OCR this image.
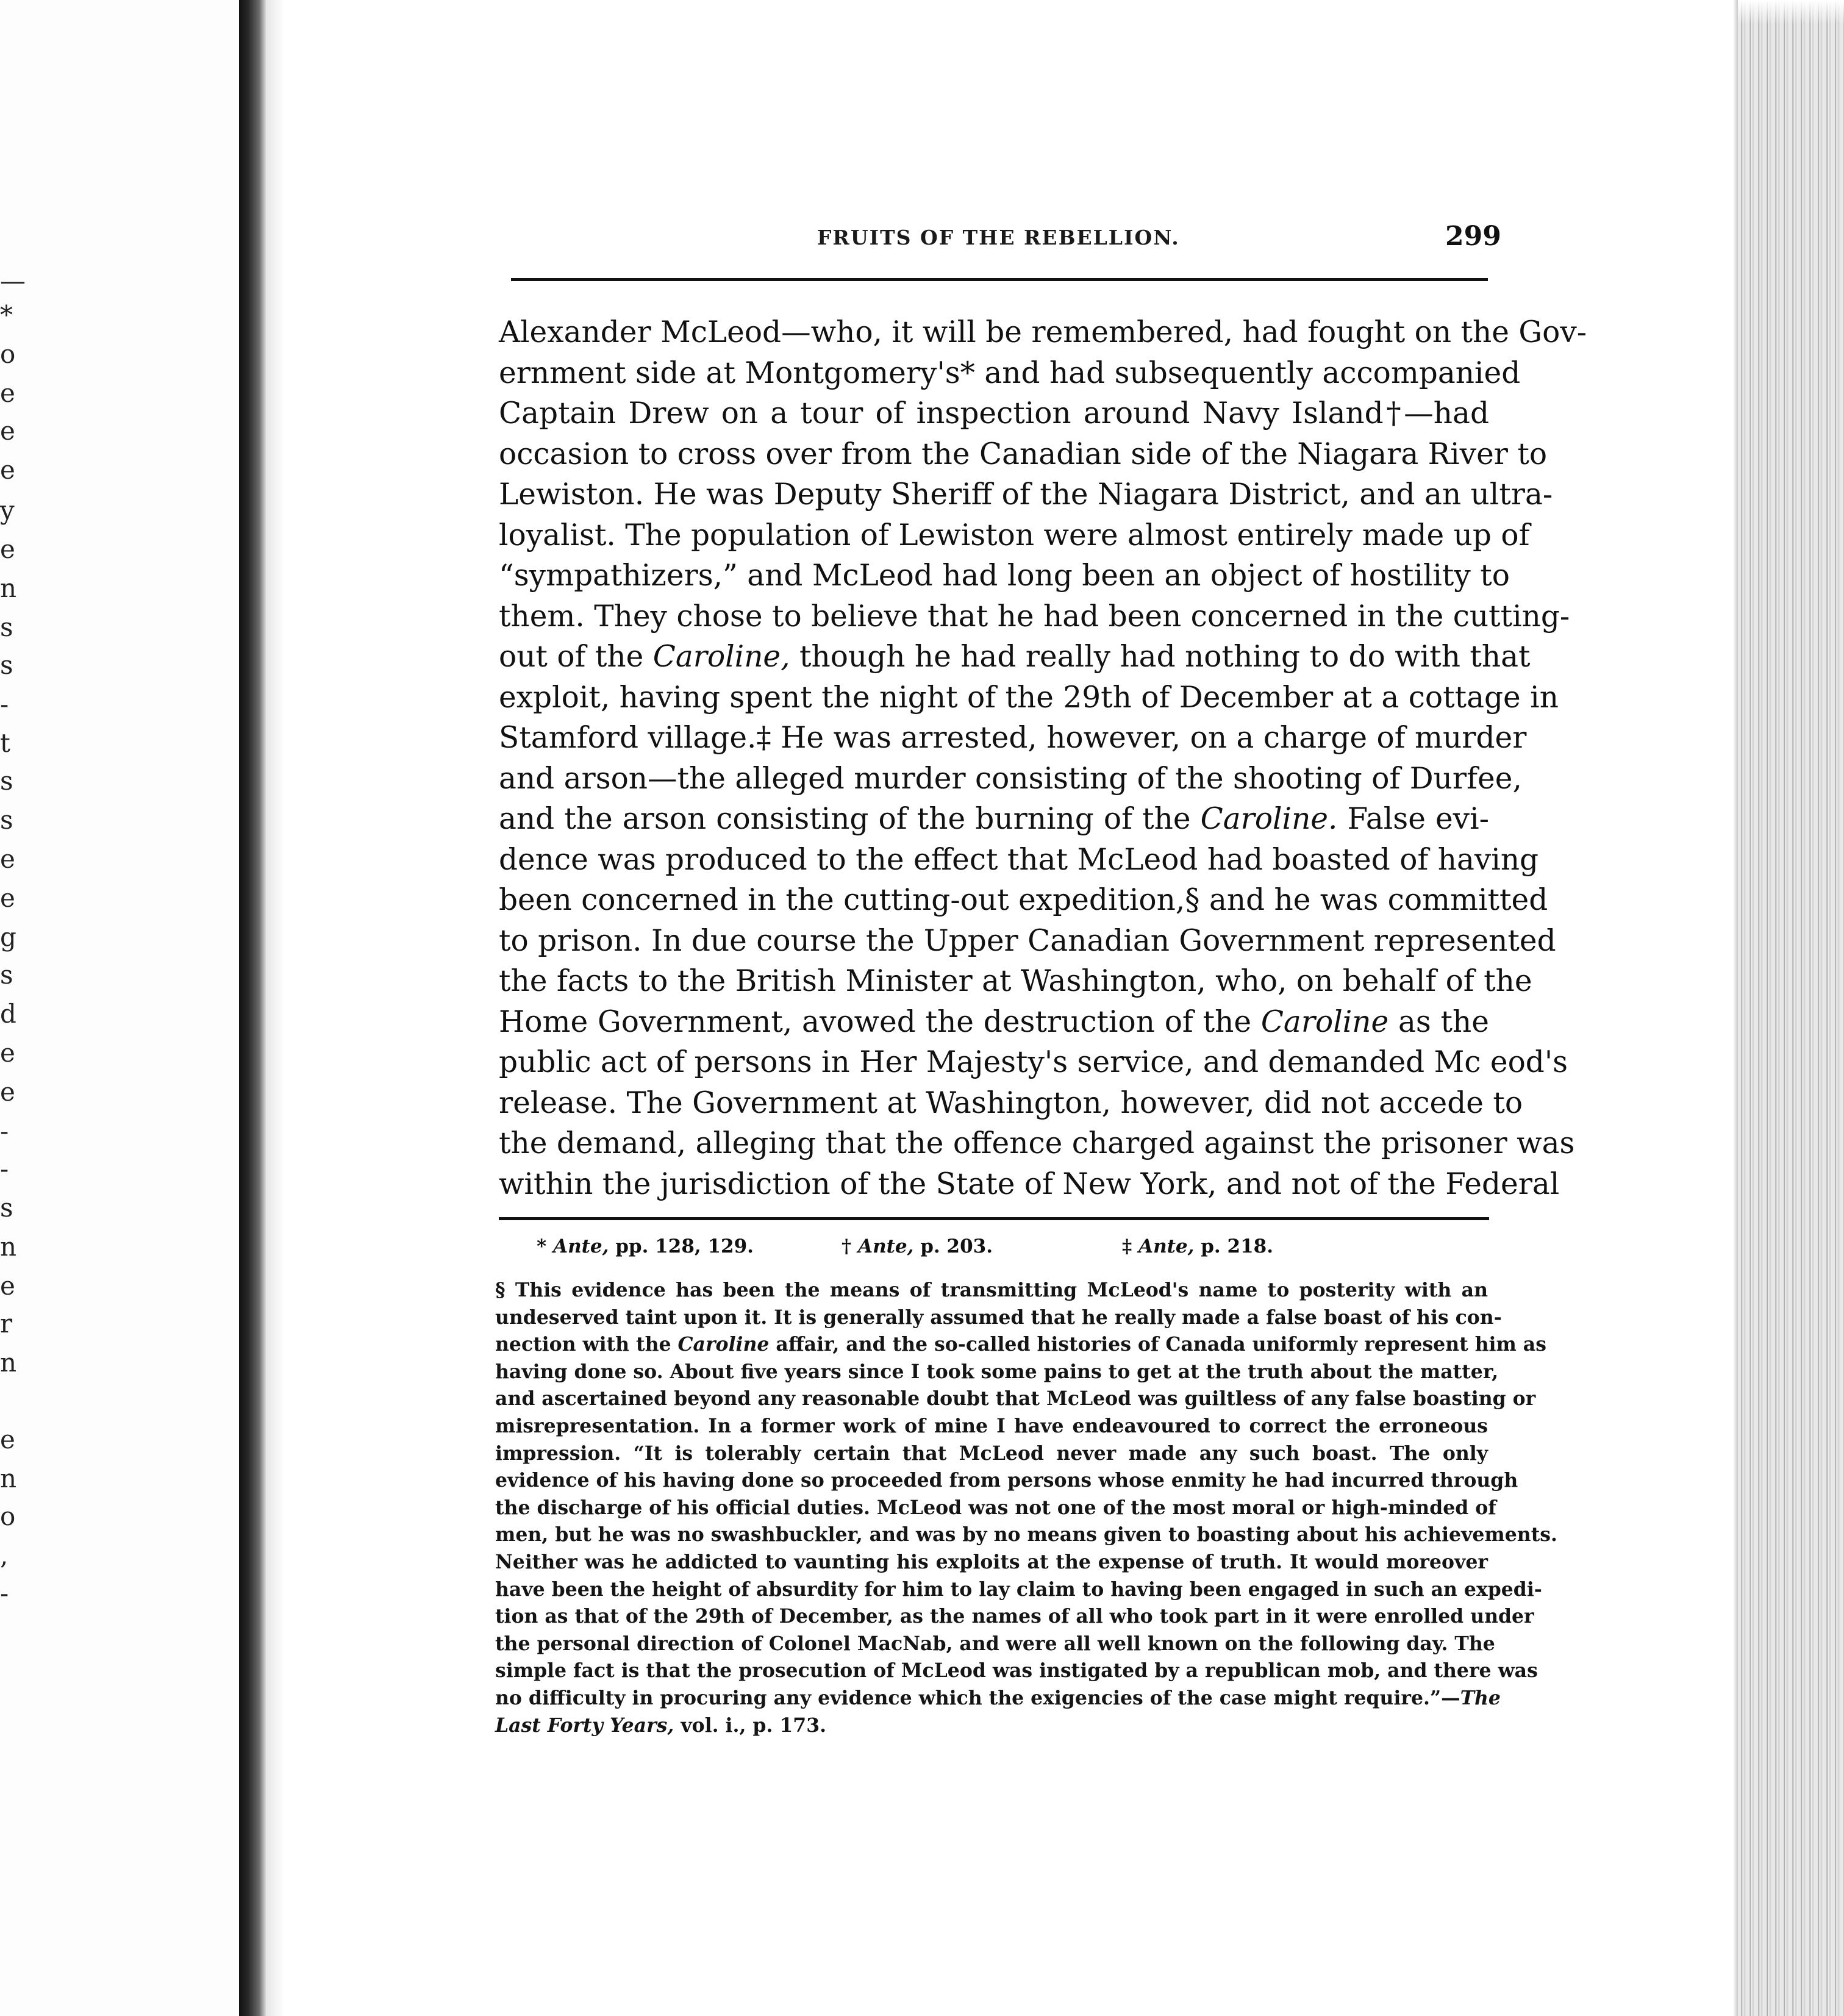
—
*
o
e
e
e
y
e
n
s
s
-
t
s
s
e
e
g
s
d
e
e
-
-
s
n
e
r
n
e
n
o
,
-
FRUITS OF THE REBELLION.	299
Alexander McLeod—who, it will be remembered, had fought on the Gov-
ernment side at Montgomery's* and had subsequently accompanied
Captain Drew on a tour of inspection around Navy Island†—had
occasion to cross over from the Canadian side of the Niagara River to
Lewiston. He was Deputy Sheriff of the Niagara District, and an ultra-
loyalist. The population of Lewiston were almost entirely made up of
“sympathizers,” and McLeod had long been an object of hostility to
them. They chose to believe that he had been concerned in the cutting-
out of the Caroline, though he had really had nothing to do with that
exploit, having spent the night of the 29th of December at a cottage in
Stamford village.‡ He was arrested, however, on a charge of murder
and arson—the alleged murder consisting of the shooting of Durfee,
and the arson consisting of the burning of the Caroline. False evi-
dence was produced to the effect that McLeod had boasted of having
been concerned in the cutting-out expedition,§ and he was committed
to prison. In due course the Upper Canadian Government represented
the facts to the British Minister at Washington, who, on behalf of the
Home Government, avowed the destruction of the Caroline as the
public act of persons in Her Majesty's service, and demanded Mc eod's
release. The Government at Washington, however, did not accede to
the demand, alleging that the offence charged against the prisoner was
within the jurisdiction of the State of New York, and not of the Federal
* Ante, pp. 128, 129.	† Ante, p. 203.	‡ Ante, p. 218.
§ This evidence has been the means of transmitting McLeod's name to posterity with an
undeserved taint upon it. It is generally assumed that he really made a false boast of his con-
nection with the Caroline affair, and the so-called histories of Canada uniformly represent him as
having done so. About five years since I took some pains to get at the truth about the matter,
and ascertained beyond any reasonable doubt that McLeod was guiltless of any false boasting or
misrepresentation. In a former work of mine I have endeavoured to correct the erroneous
impression. “It is tolerably certain that McLeod never made any such boast. The only
evidence of his having done so proceeded from persons whose enmity he had incurred through
the discharge of his official duties. McLeod was not one of the most moral or high-minded of
men, but he was no swashbuckler, and was by no means given to boasting about his achievements.
Neither was he addicted to vaunting his exploits at the expense of truth. It would moreover
have been the height of absurdity for him to lay claim to having been engaged in such an expedi-
tion as that of the 29th of December, as the names of all who took part in it were enrolled under
the personal direction of Colonel MacNab, and were all well known on the following day. The
simple fact is that the prosecution of McLeod was instigated by a republican mob, and there was
no difficulty in procuring any evidence which the exigencies of the case might require.”—The
Last Forty Years, vol. i., p. 173.
